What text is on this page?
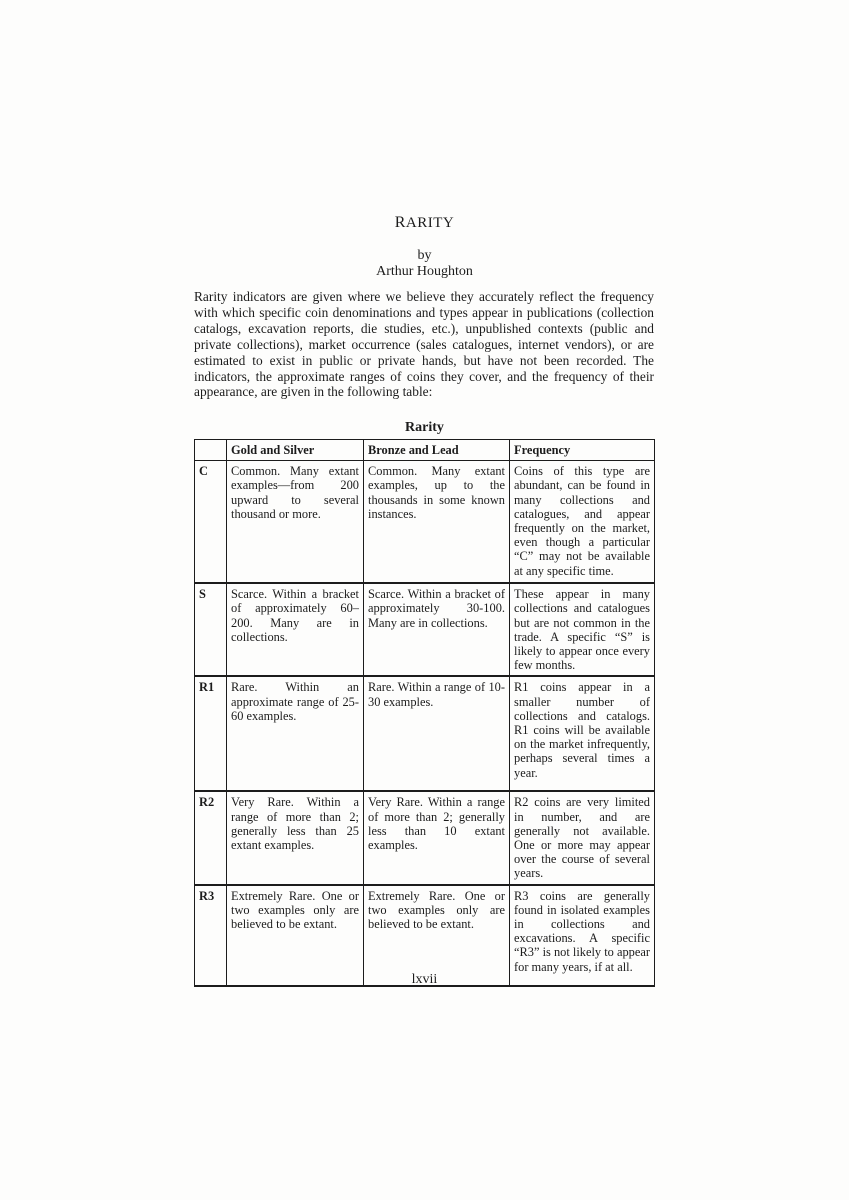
RARITY
by
Arthur Houghton

Rarity indicators are given where we believe they accurately reflect the frequency with which specific coin denominations and types appear in publications (collection catalogs, excavation reports, die studies, etc.), unpublished contexts (public and private collections), market occurrence (sales catalogues, internet vendors), or are estimated to exist in public or private hands, but have not been recorded. The indicators, the approximate ranges of coins they cover, and the frequency of their appearance, are given in the following table:

Rarity
	Gold and Silver	Bronze and Lead	Frequency
C	Common. Many extant examples—from 200 upward to several thousand or more.	Common. Many extant examples, up to the thousands in some known instances.	Coins of this type are abundant, can be found in many collections and catalogues, and appear frequently on the market, even though a particular “C” may not be available at any specific time.
S	Scarce. Within a bracket of approximately 60–200. Many are in collections.	Scarce. Within a bracket of approximately 30-100. Many are in collections.	These appear in many collections and catalogues but are not common in the trade. A specific “S” is likely to appear once every few months.
R1	Rare. Within an approximate range of 25-60 examples.	Rare. Within a range of 10-30 examples.	R1 coins appear in a smaller number of collections and catalogs. R1 coins will be available on the market infrequently, perhaps several times a year.
R2	Very Rare. Within a range of more than 2; generally less than 25 extant examples.	Very Rare. Within a range of more than 2; generally less than 10 extant examples.	R2 coins are very limited in number, and are generally not available. One or more may appear over the course of several years.
R3	Extremely Rare. One or two examples only are believed to be extant.	Extremely Rare. One or two examples only are believed to be extant.	R3 coins are generally found in isolated examples in collections and excavations. A specific “R3” is not likely to appear for many years, if at all.
lxvii
